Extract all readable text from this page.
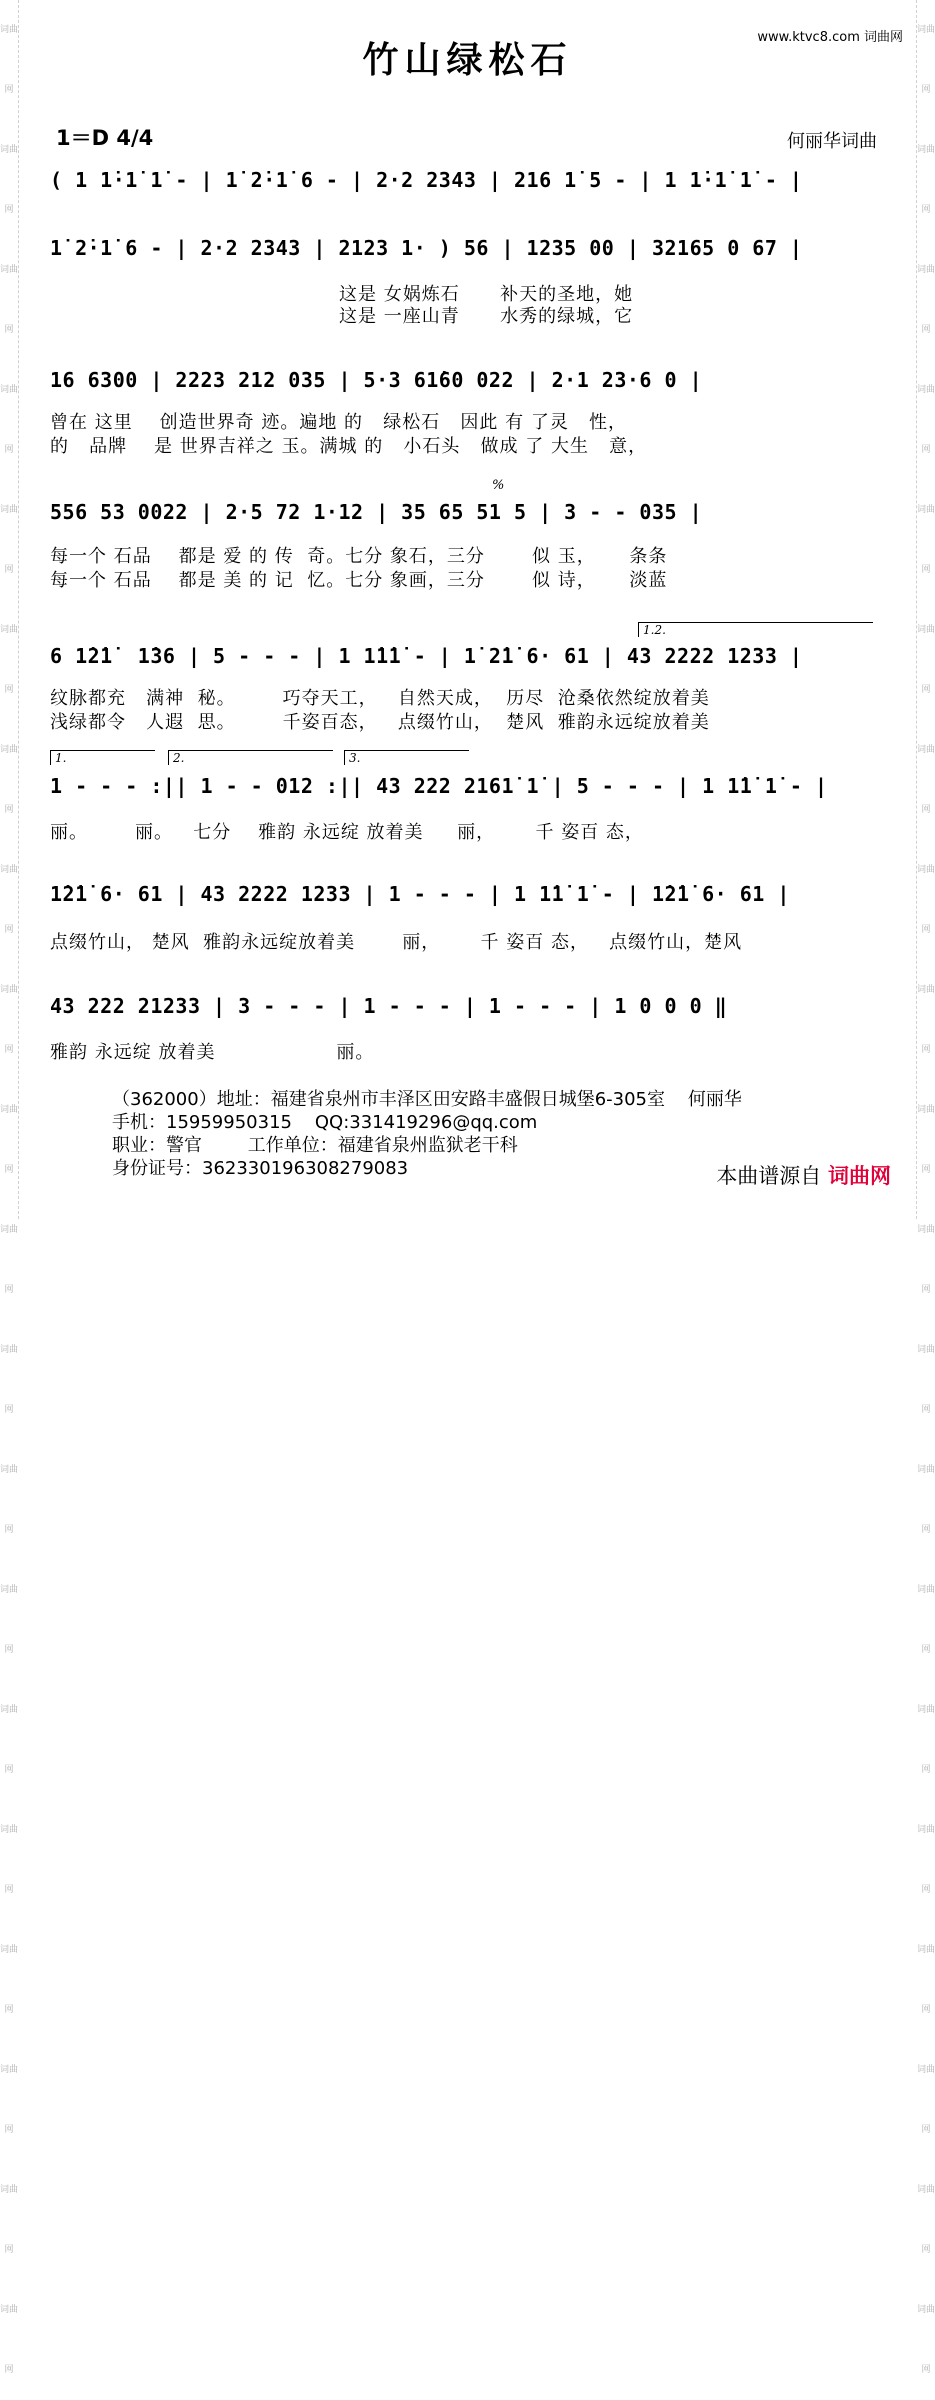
词曲网
词曲网
词曲网
词曲网
词曲网
词曲网
词曲网
词曲网
词曲网
词曲网
词曲网
词曲网
词曲网
词曲网
词曲网
词曲网
词曲网
词曲网
词曲网
词曲网
词曲网
词曲网
词曲网
词曲网
词曲网
词曲网
词曲网
词曲网
词曲网
词曲网
词曲网
词曲网
词曲网
词曲网
词曲网
词曲网
词曲网
词曲网
词曲网
词曲网
www.ktvc8.com 词曲网
竹山绿松石
1＝D 4/4	何丽华词曲
( 1 1̇·1̇ 1̇ - | 1̇ 2̇·1̇ 6 - | 2·2 2343 | 216 1̇ 5 - | 1 1̇·1̇ 1̇ - |
1̇ 2̇·1̇ 6 - | 2·2 2343 | 2123 1· ) 56 | 1235 00 | 32165 0 67 |
这是 女娲炼石      补天的圣地，她
这是 一座山青      水秀的绿城，它
16 6300 | 2223 212 035 | 5·3 61̇60 022 | 2·1 23·6 0 |
曾在 这里    创造世界奇 迹。遍地 的   绿松石   因此 有 了灵   性，
的   品牌    是 世界吉祥之 玉。满城 的   小石头   做成 了 大生   意，
%
556 53 0022 | 2·5 72 1·12 | 35 65 51 5 | 3 - - 035 |
每一个 石品    都是 爱 的 传  奇。七分 象石，三分       似 玉，     条条
每一个 石品    都是 美 的 记  忆。七分 象画，三分       似 诗，     淡蓝
1.2.
6 1̇2̇1̇  1̇36 | 5 - - - | 1 1̇1̇1̇ - | 1̇ 2̇1̇ 6· 61 | 43 2222 1233 |
纹脉都充   满神  秘。       巧夺天工，   自然天成，  历尽  沧桑依然绽放着美
浅绿都令   人遐  思。       千姿百态，   点缀竹山，  楚风  雅韵永远绽放着美
1.	2.	3.
1 - - - :|| 1 - - 012 :|| 43 222 2161̇ 1̇ | 5 - - - | 1 1̇1̇ 1̇ - |
丽。       丽。   七分    雅韵 永远绽 放着美     丽，      千 姿百 态，
1̇2̇1̇ 6· 61 | 43 2222 1233 | 1 - - - | 1 1̇1̇ 1̇ - | 1̇2̇1̇ 6· 61 |
点缀竹山， 楚风  雅韵永远绽放着美       丽，      千 姿百 态，   点缀竹山，楚风
43 222 21233 | 3 - - - | 1 - - - | 1 - - - | 1 0 0 0 ‖
雅韵 永远绽 放着美                  丽。
（362000）地址：福建省泉州市丰泽区田安路丰盛假日城堡6-305室    何丽华
手机：15959950315    QQ:331419296@qq.com
职业：警官        工作单位：福建省泉州监狱老干科
身份证号：362330196308279083	本曲谱源自 词曲网
